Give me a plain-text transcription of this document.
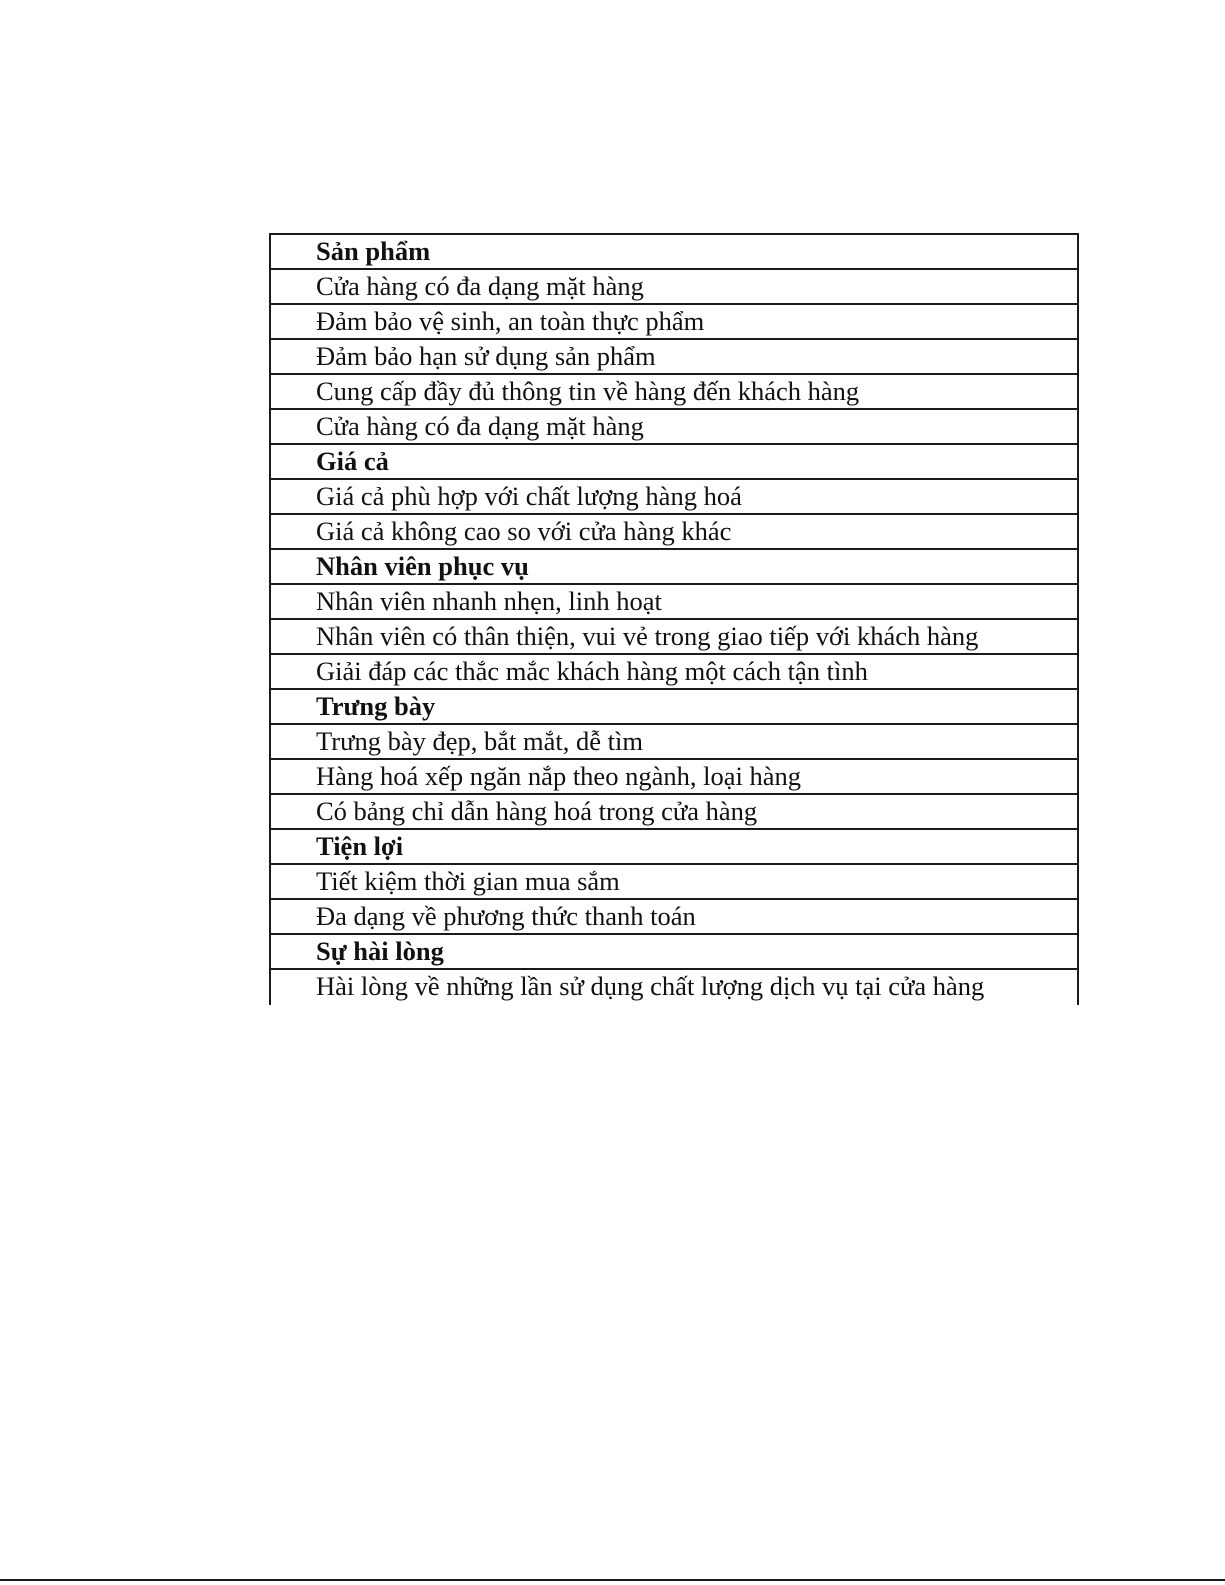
Sản phẩm
Cửa hàng có đa dạng mặt hàng
Đảm bảo vệ sinh, an toàn thực phẩm
Đảm bảo hạn sử dụng sản phẩm
Cung cấp đầy đủ thông tin về hàng đến khách hàng
Cửa hàng có đa dạng mặt hàng
Giá cả
Giá cả phù hợp với chất lượng hàng hoá
Giá cả không cao so với cửa hàng khác
Nhân viên phục vụ
Nhân viên nhanh nhẹn, linh hoạt
Nhân viên có thân thiện, vui vẻ trong giao tiếp với khách hàng
Giải đáp các thắc mắc khách hàng một cách tận tình
Trưng bày
Trưng bày đẹp, bắt mắt, dễ tìm
Hàng hoá xếp ngăn nắp theo ngành, loại hàng
Có bảng chỉ dẫn hàng hoá trong cửa hàng
Tiện lợi
Tiết kiệm thời gian mua sắm
Đa dạng về phương thức thanh toán
Sự hài lòng
Hài lòng về những lần sử dụng chất lượng dịch vụ tại cửa hàng
